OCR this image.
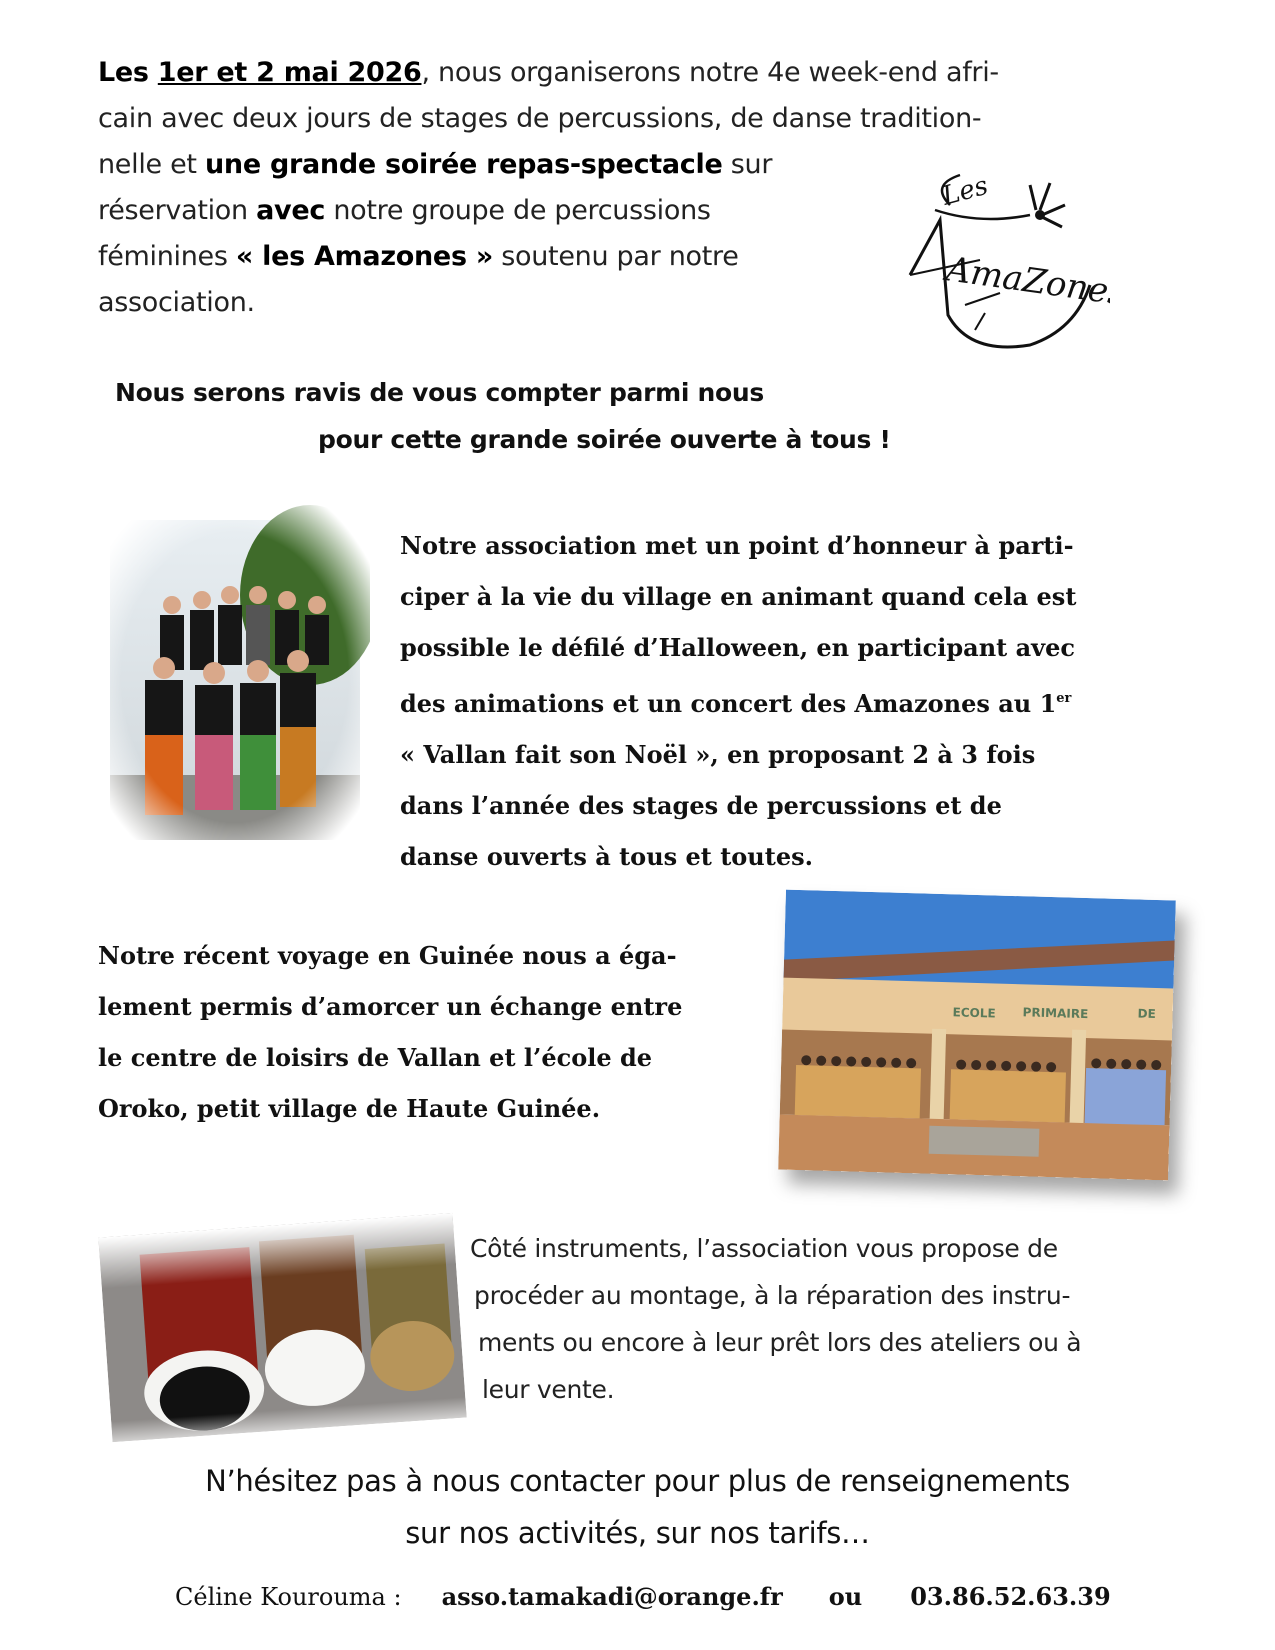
Les 1er et 2 mai 2026, nous organiserons notre 4e week-end afri-
cain avec deux jours de stages de percussions, de danse tradition-
nelle et une grande soirée repas-spectacle sur
réservation avec notre groupe de percussions
féminines « les Amazones » soutenu par notre
association.
Les
AmaZones
Nous serons ravis de vous compter parmi nous
pour cette grande soirée ouverte à tous !
Notre association met un point d’honneur à parti-
ciper à la vie du village en animant quand cela est
possible le défilé d’Halloween, en participant avec
des animations et un concert des Amazones au 1er
« Vallan fait son Noël », en proposant 2 à 3 fois
dans l’année des stages de percussions et de
danse ouverts à tous et toutes.
Notre récent voyage en Guinée nous a éga-
lement permis d’amorcer un échange entre
le centre de loisirs de Vallan et l’école de
Oroko, petit village de Haute Guinée.
ECOLE PRIMAIRE	DE
Côté instruments, l’association vous propose de
procéder au montage, à la réparation des instru-
ments ou encore à leur prêt lors des ateliers ou à
leur vente.
N’hésitez pas à nous contacter pour plus de renseignements
sur nos activités, sur nos tarifs…
Céline Kourouma : asso.tamakadi@orange.fr ou 03.86.52.63.39
